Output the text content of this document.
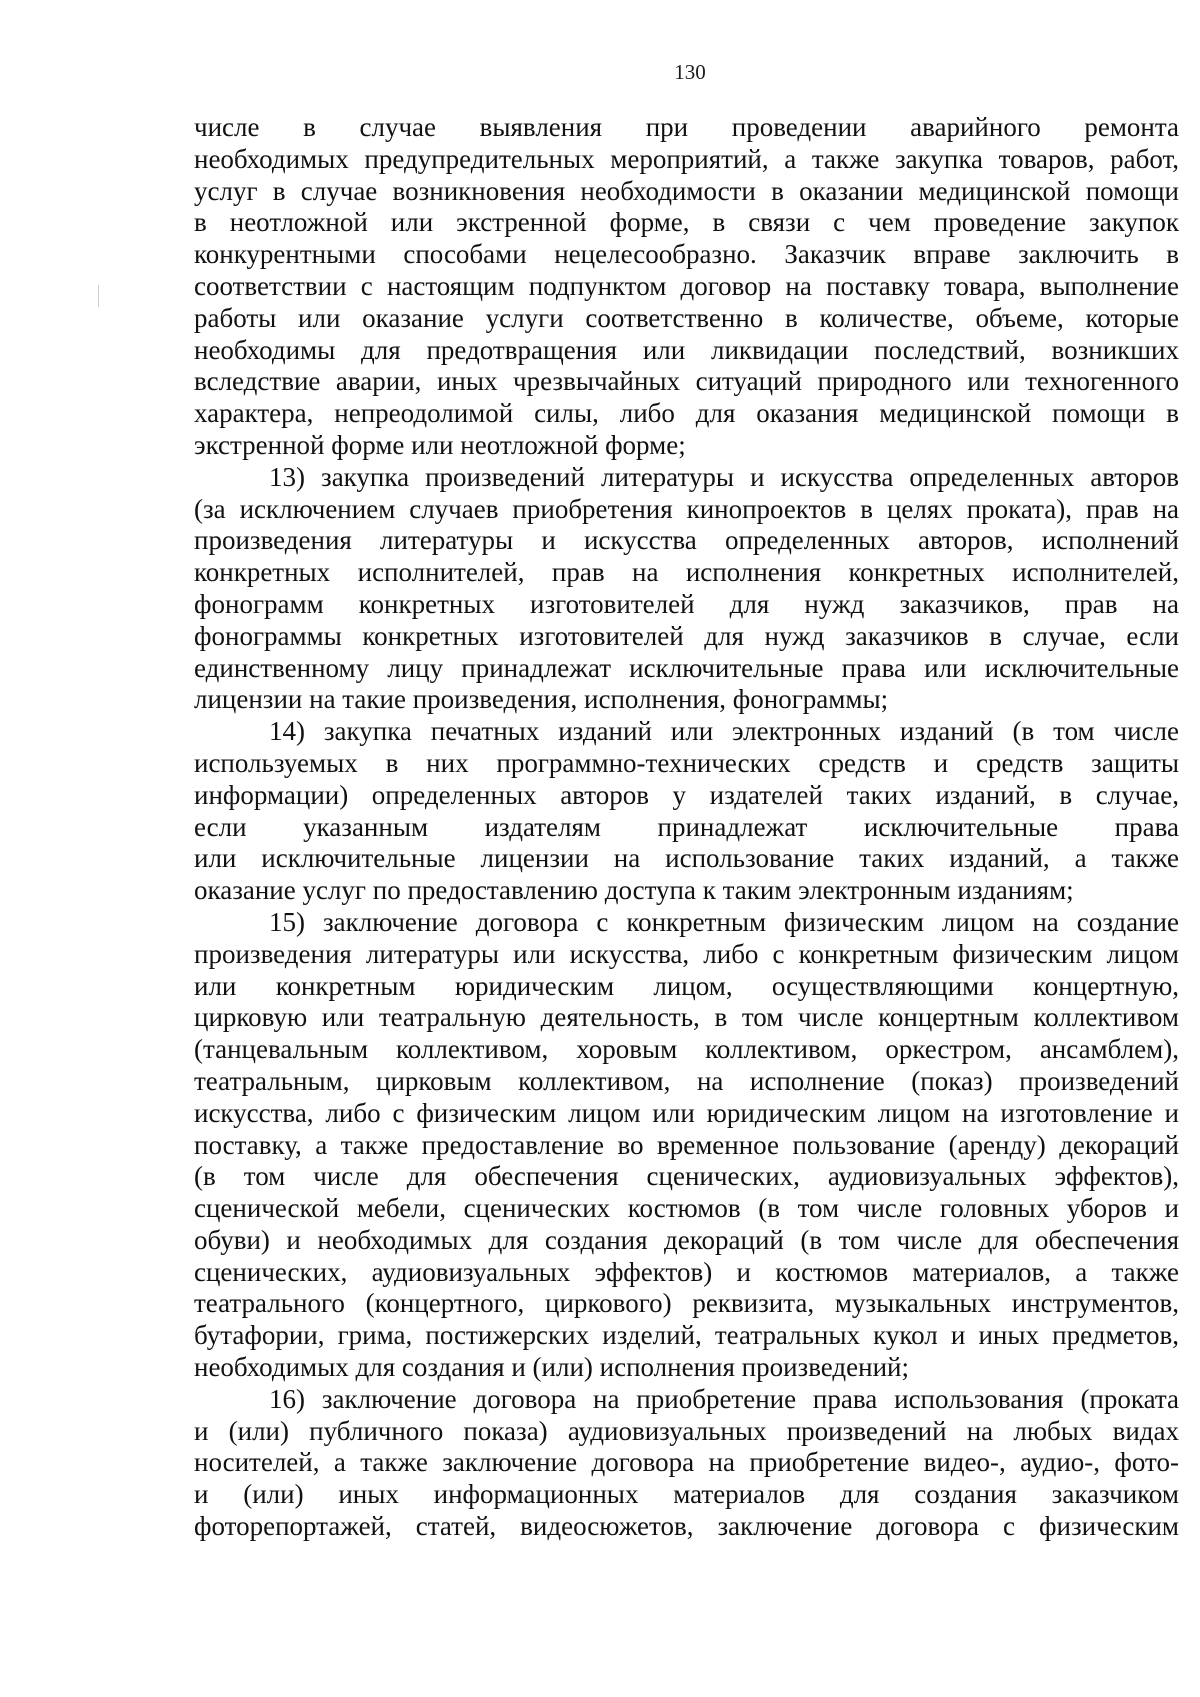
130
числе в случае выявления при проведении аварийного ремонта
необходимых предупредительных мероприятий, а также закупка товаров, работ,
услуг в случае возникновения необходимости в оказании медицинской помощи
в неотложной или экстренной форме, в связи с чем проведение закупок
конкурентными способами нецелесообразно. Заказчик вправе заключить в
соответствии с настоящим подпунктом договор на поставку товара, выполнение
работы или оказание услуги соответственно в количестве, объеме, которые
необходимы для предотвращения или ликвидации последствий, возникших
вследствие аварии, иных чрезвычайных ситуаций природного или техногенного
характера, непреодолимой силы, либо для оказания медицинской помощи в
экстренной форме или неотложной форме;
13) закупка произведений литературы и искусства определенных авторов
(за исключением случаев приобретения кинопроектов в целях проката), прав на
произведения литературы и искусства определенных авторов, исполнений
конкретных исполнителей, прав на исполнения конкретных исполнителей,
фонограмм конкретных изготовителей для нужд заказчиков, прав на
фонограммы конкретных изготовителей для нужд заказчиков в случае, если
единственному лицу принадлежат исключительные права или исключительные
лицензии на такие произведения, исполнения, фонограммы;
14) закупка печатных изданий или электронных изданий (в том числе
используемых в них программно-технических средств и средств защиты
информации) определенных авторов у издателей таких изданий, в случае,
если указанным издателям принадлежат исключительные права
или исключительные лицензии на использование таких изданий, а также
оказание услуг по предоставлению доступа к таким электронным изданиям;
15) заключение договора с конкретным физическим лицом на создание
произведения литературы или искусства, либо с конкретным физическим лицом
или конкретным юридическим лицом, осуществляющими концертную,
цирковую или театральную деятельность, в том числе концертным коллективом
(танцевальным коллективом, хоровым коллективом, оркестром, ансамблем),
театральным, цирковым коллективом, на исполнение (показ) произведений
искусства, либо с физическим лицом или юридическим лицом на изготовление и
поставку, а также предоставление во временное пользование (аренду) декораций
(в том числе для обеспечения сценических, аудиовизуальных эффектов),
сценической мебели, сценических костюмов (в том числе головных уборов и
обуви) и необходимых для создания декораций (в том числе для обеспечения
сценических, аудиовизуальных эффектов) и костюмов материалов, а также
театрального (концертного, циркового) реквизита, музыкальных инструментов,
бутафории, грима, постижерских изделий, театральных кукол и иных предметов,
необходимых для создания и (или) исполнения произведений;
16) заключение договора на приобретение права использования (проката
и (или) публичного показа) аудиовизуальных произведений на любых видах
носителей, а также заключение договора на приобретение видео-, аудио-, фото-
и (или) иных информационных материалов для создания заказчиком
фоторепортажей, статей, видеосюжетов, заключение договора с физическим
